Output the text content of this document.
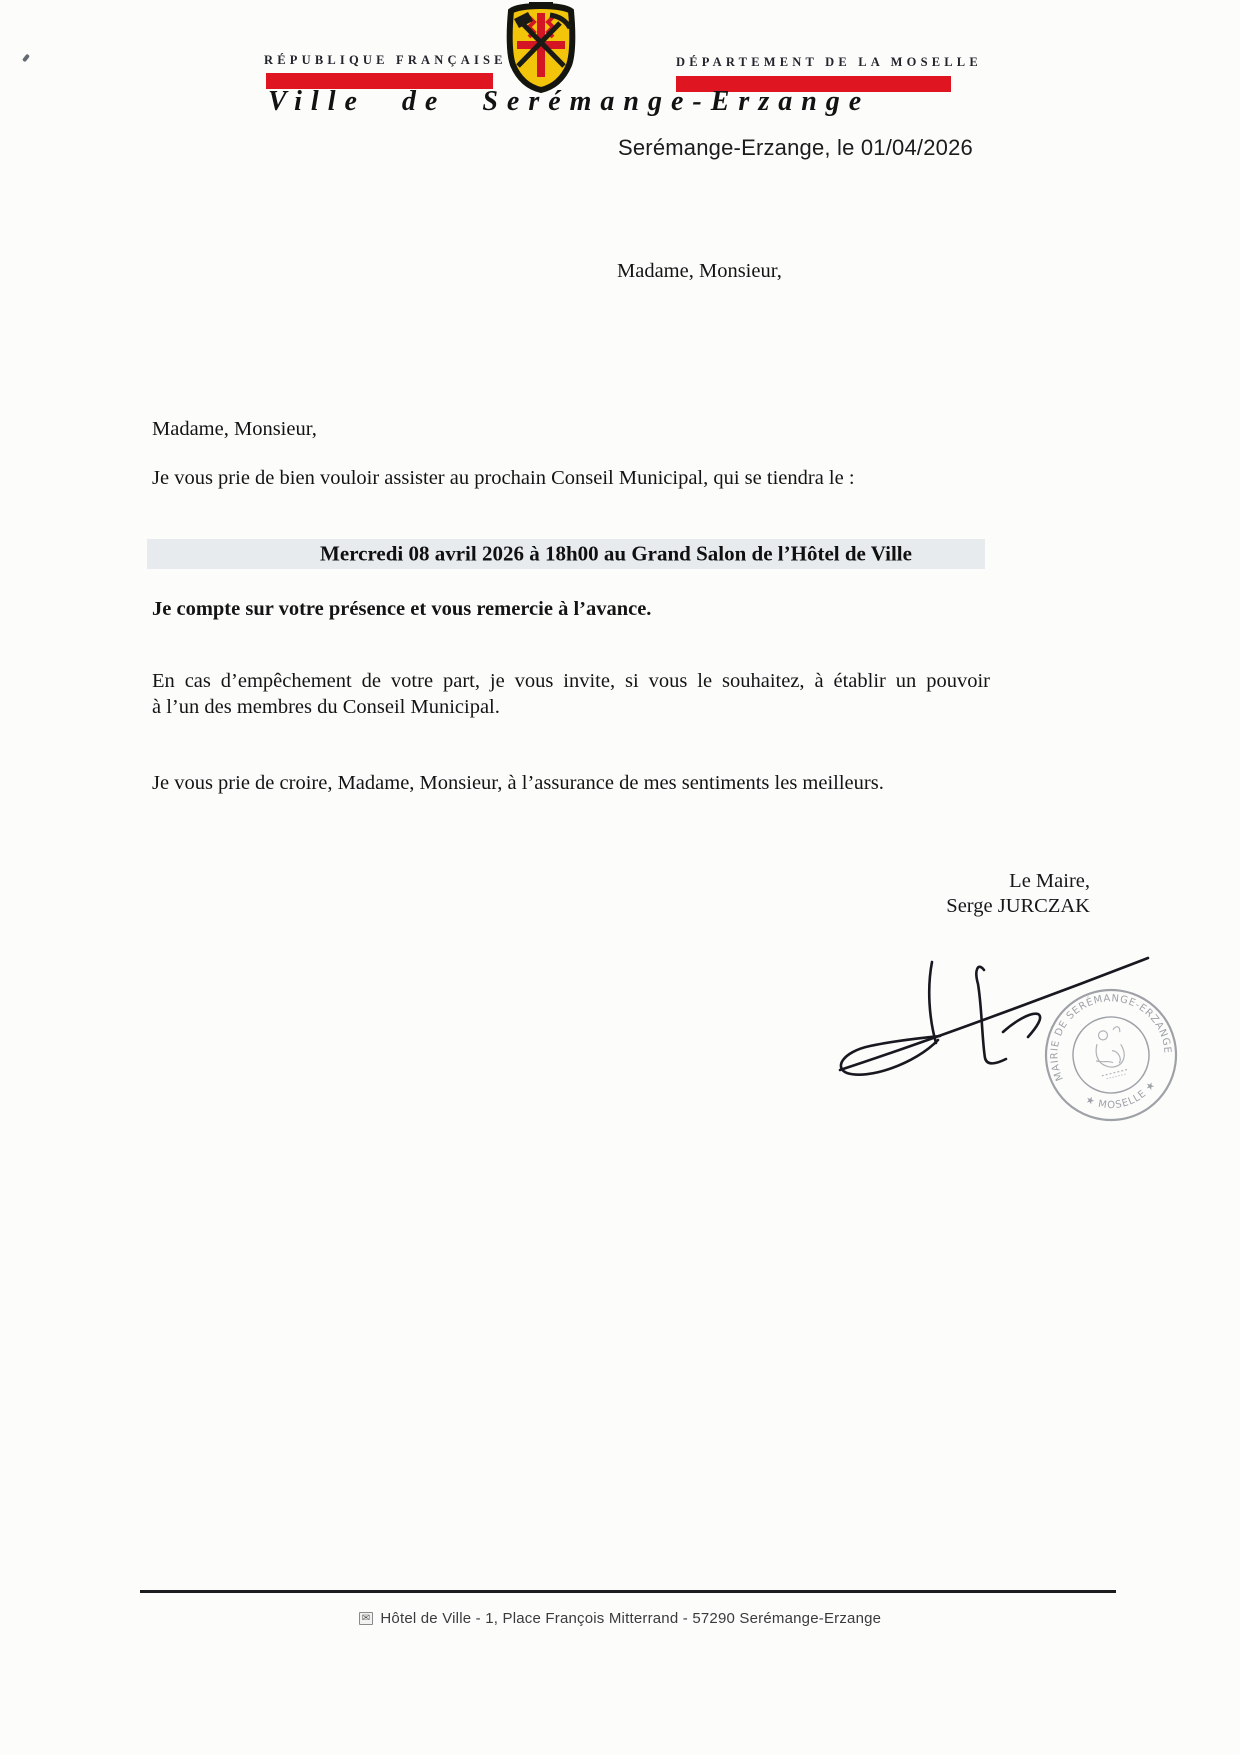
RÉPUBLIQUE FRANÇAISE	DÉPARTEMENT DE LA MOSELLE
Ville de Serémange-Erzange
Serémange-Erzange, le 01/04/2026
Madame, Monsieur,
Madame, Monsieur,
Je vous prie de bien vouloir assister au prochain Conseil Municipal, qui se tiendra le :
Mercredi 08 avril 2026 à 18h00 au Grand Salon de l’Hôtel de Ville
Je compte sur votre présence et vous remercie à l’avance.
En cas d’empêchement de votre part, je vous invite, si vous le souhaitez, à établir un pouvoir
à l’un des membres du Conseil Municipal.
Je vous prie de croire, Madame, Monsieur, à l’assurance de mes sentiments les meilleurs.
Le Maire,
Serge JURCZAK
MAIRIE DE SERÉMANGE-ERZANGE
★ MOSELLE ★
✉ Hôtel de Ville - 1, Place François Mitterrand - 57290 Serémange-Erzange
